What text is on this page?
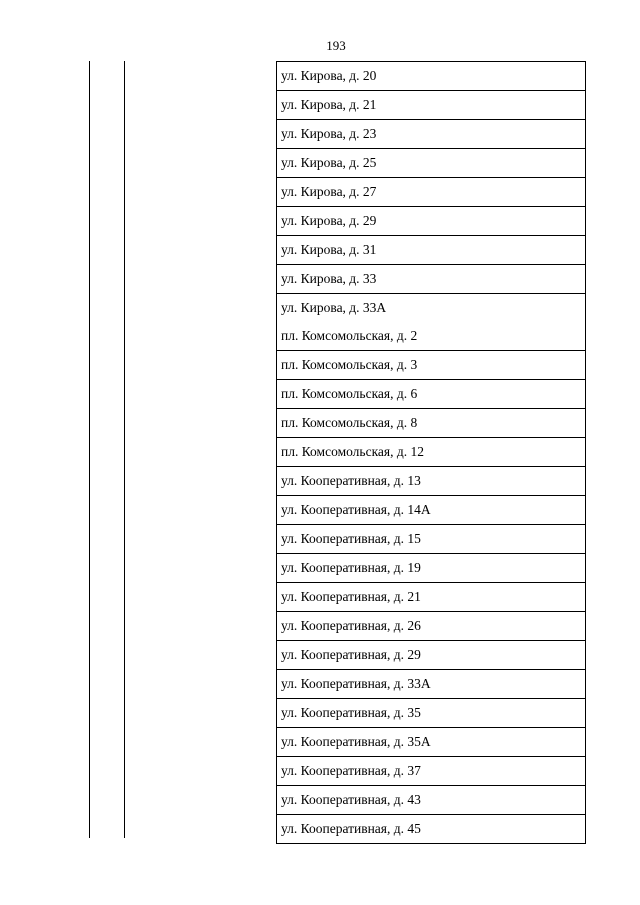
193
ул. Кирова, д. 20
ул. Кирова, д. 21
ул. Кирова, д. 23
ул. Кирова, д. 25
ул. Кирова, д. 27
ул. Кирова, д. 29
ул. Кирова, д. 31
ул. Кирова, д. 33
ул. Кирова, д. 33А
пл. Комсомольская, д. 2
пл. Комсомольская, д. 3
пл. Комсомольская, д. 6
пл. Комсомольская, д. 8
пл. Комсомольская, д. 12
ул. Кооперативная, д. 13
ул. Кооперативная, д. 14А
ул. Кооперативная, д. 15
ул. Кооперативная, д. 19
ул. Кооперативная, д. 21
ул. Кооперативная, д. 26
ул. Кооперативная, д. 29
ул. Кооперативная, д. 33А
ул. Кооперативная, д. 35
ул. Кооперативная, д. 35А
ул. Кооперативная, д. 37
ул. Кооперативная, д. 43
ул. Кооперативная, д. 45
